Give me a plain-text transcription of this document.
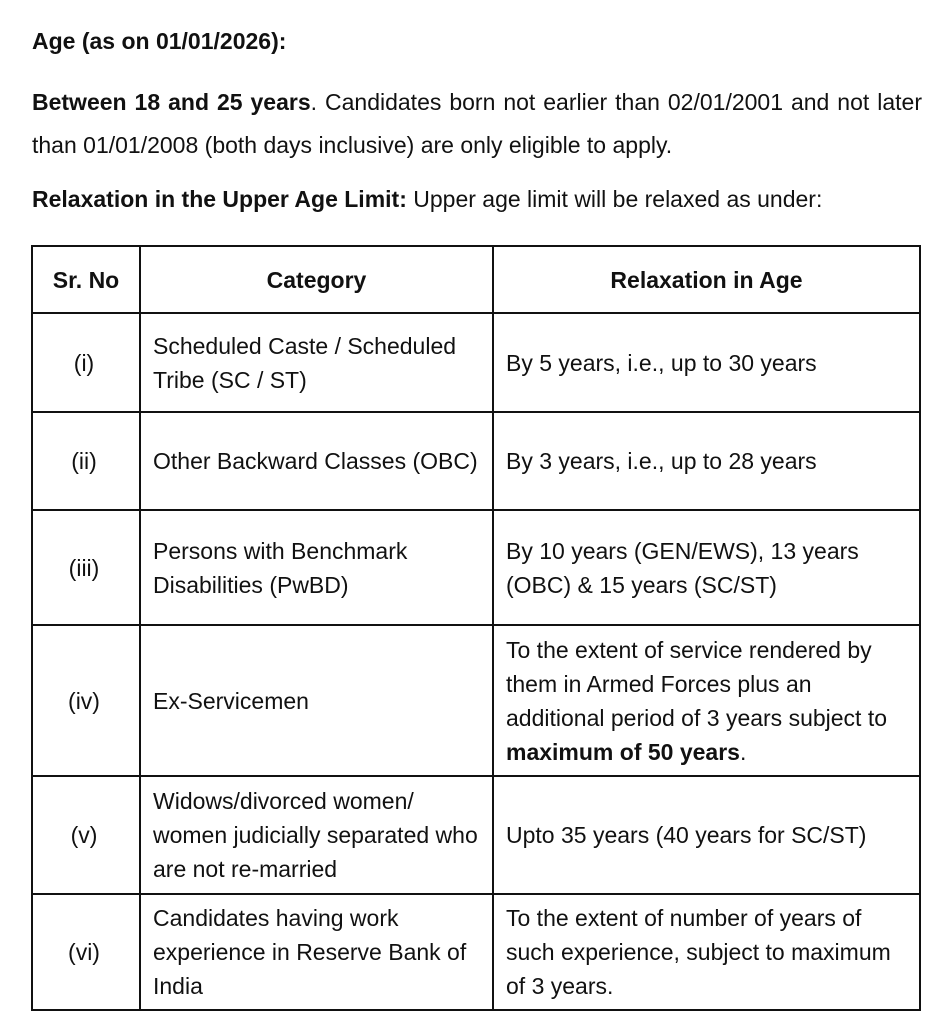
Age (as on 01/01/2026):
Between 18 and 25 years. Candidates born not earlier than 02/01/2001 and not later than 01/01/2008 (both days inclusive) are only eligible to apply.
Relaxation in the Upper Age Limit: Upper age limit will be relaxed as under:
Sr. No	Category	Relaxation in Age
(i)	Scheduled Caste / Scheduled Tribe (SC / ST)	By 5 years, i.e., up to 30 years
(ii)	Other Backward Classes (OBC)	By 3 years, i.e., up to 28 years
(iii)	Persons with Benchmark Disabilities (PwBD)	By 10 years (GEN/EWS), 13 years (OBC) & 15 years (SC/ST)
(iv)	Ex-Servicemen	To the extent of service rendered by them in Armed Forces plus an additional period of 3 years subject to maximum of 50 years.
(v)	Widows/divorced women/ women judicially separated who are not re-married	Upto 35 years (40 years for SC/ST)
(vi)	Candidates having work experience in Reserve Bank of India	To the extent of number of years of such experience, subject to maximum of 3 years.
